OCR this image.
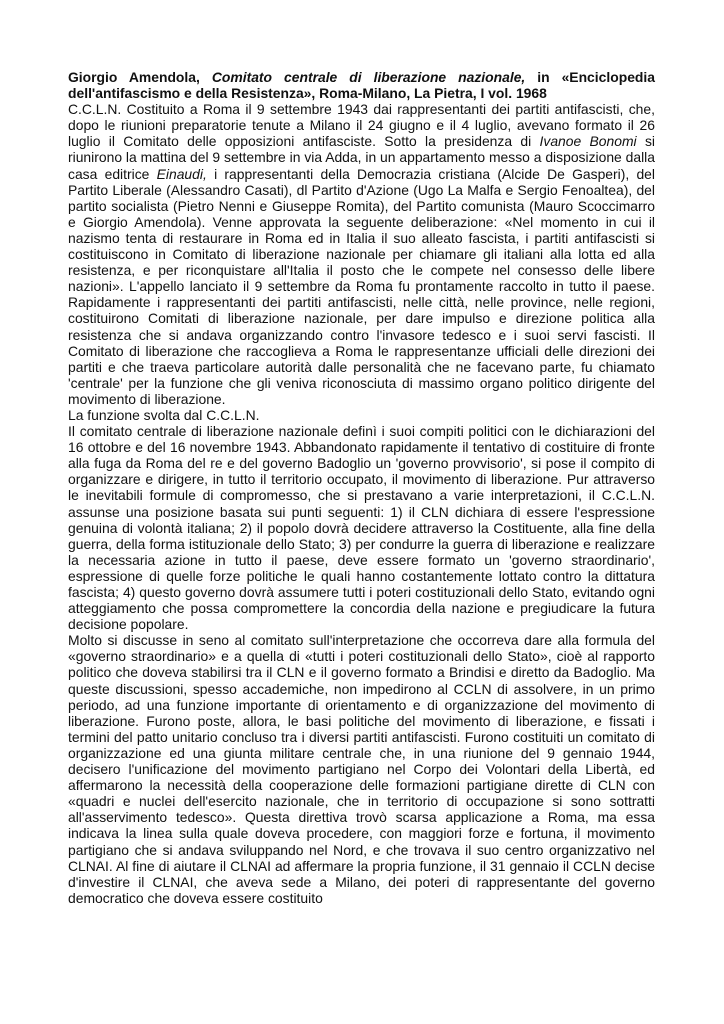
Giorgio Amendola, Comitato centrale di liberazione nazionale, in «Enciclopedia dell'antifascismo e della Resistenza», Roma-Milano, La Pietra, I vol. 1968

C.C.L.N. Costituito a Roma il 9 settembre 1943 dai rappresentanti dei partiti antifascisti, che, dopo le riunioni preparatorie tenute a Milano il 24 giugno e il 4 luglio, avevano formato il 26 luglio il Comitato delle opposizioni antifasciste. Sotto la presidenza di Ivanoe Bonomi si riunirono la mattina del 9 settembre in via Adda, in un appartamento messo a disposizione dalla casa editrice Einaudi, i rappresentanti della Democrazia cristiana (Alcide De Gasperi), del Partito Liberale (Alessandro Casati), dl Partito d'Azione (Ugo La Malfa e Sergio Fenoaltea), del partito socialista (Pietro Nenni e Giuseppe Romita), del Partito comunista (Mauro Scoccimarro e Giorgio Amendola). Venne approvata la seguente deliberazione: «Nel momento in cui il nazismo tenta di restaurare in Roma ed in Italia il suo alleato fascista, i partiti antifascisti si costituiscono in Comitato di liberazione nazionale per chiamare gli italiani alla lotta ed alla resistenza, e per riconquistare all'Italia il posto che le compete nel consesso delle libere nazioni». L'appello lanciato il 9 settembre da Roma fu prontamente raccolto in tutto il paese. Rapidamente i rappresentanti dei partiti antifascisti, nelle città, nelle province, nelle regioni, costituirono Comitati di liberazione nazionale, per dare impulso e direzione politica alla resistenza che si andava organizzando contro l'invasore tedesco e i suoi servi fascisti. Il Comitato di liberazione che raccoglieva a Roma le rappresentanze ufficiali delle direzioni dei partiti e che traeva particolare autorità dalle personalità che ne facevano parte, fu chiamato 'centrale' per la funzione che gli veniva riconosciuta di massimo organo politico dirigente del movimento di liberazione.

La funzione svolta dal C.C.L.N.

Il comitato centrale di liberazione nazionale definì i suoi compiti politici con le dichiarazioni del 16 ottobre e del 16 novembre 1943. Abbandonato rapidamente il tentativo di costituire di fronte alla fuga da Roma del re e del governo Badoglio un 'governo provvisorio', si pose il compito di organizzare e dirigere, in tutto il territorio occupato, il movimento di liberazione. Pur attraverso le inevitabili formule di compromesso, che si prestavano a varie interpretazioni, il C.C.L.N. assunse una posizione basata sui punti seguenti: 1) il CLN dichiara di essere l'espressione genuina di volontà italiana; 2) il popolo dovrà decidere attraverso la Costituente, alla fine della guerra, della forma istituzionale dello Stato; 3) per condurre la guerra di liberazione e realizzare la necessaria azione in tutto il paese, deve essere formato un 'governo straordinario', espressione di quelle forze politiche le quali hanno costantemente lottato contro la dittatura fascista; 4) questo governo dovrà assumere tutti i poteri costituzionali dello Stato, evitando ogni atteggiamento che possa compromettere la concordia della nazione e pregiudicare la futura decisione popolare.

Molto si discusse in seno al comitato sull'interpretazione che occorreva dare alla formula del «governo straordinario» e a quella di «tutti i poteri costituzionali dello Stato», cioè al rapporto politico che doveva stabilirsi tra il CLN e il governo formato a Brindisi e diretto da Badoglio. Ma queste discussioni, spesso accademiche, non impedirono al CCLN di assolvere, in un primo periodo, ad una funzione importante di orientamento e di organizzazione del movimento di liberazione. Furono poste, allora, le basi politiche del movimento di liberazione, e fissati i termini del patto unitario concluso tra i diversi partiti antifascisti. Furono costituiti un comitato di organizzazione ed una giunta militare centrale che, in una riunione del 9 gennaio 1944, decisero l'unificazione del movimento partigiano nel Corpo dei Volontari della Libertà, ed affermarono la necessità della cooperazione delle formazioni partigiane dirette di CLN con «quadri e nuclei dell'esercito nazionale, che in territorio di occupazione si sono sottratti all'asservimento tedesco». Questa direttiva trovò scarsa applicazione a Roma, ma essa indicava la linea sulla quale doveva procedere, con maggiori forze e fortuna, il movimento partigiano che si andava sviluppando nel Nord, e che trovava il suo centro organizzativo nel CLNAI. Al fine di aiutare il CLNAI ad affermare la propria funzione, il 31 gennaio il CCLN decise d'investire il CLNAI, che aveva sede a Milano, dei poteri di rappresentante del governo democratico che doveva essere costituito
